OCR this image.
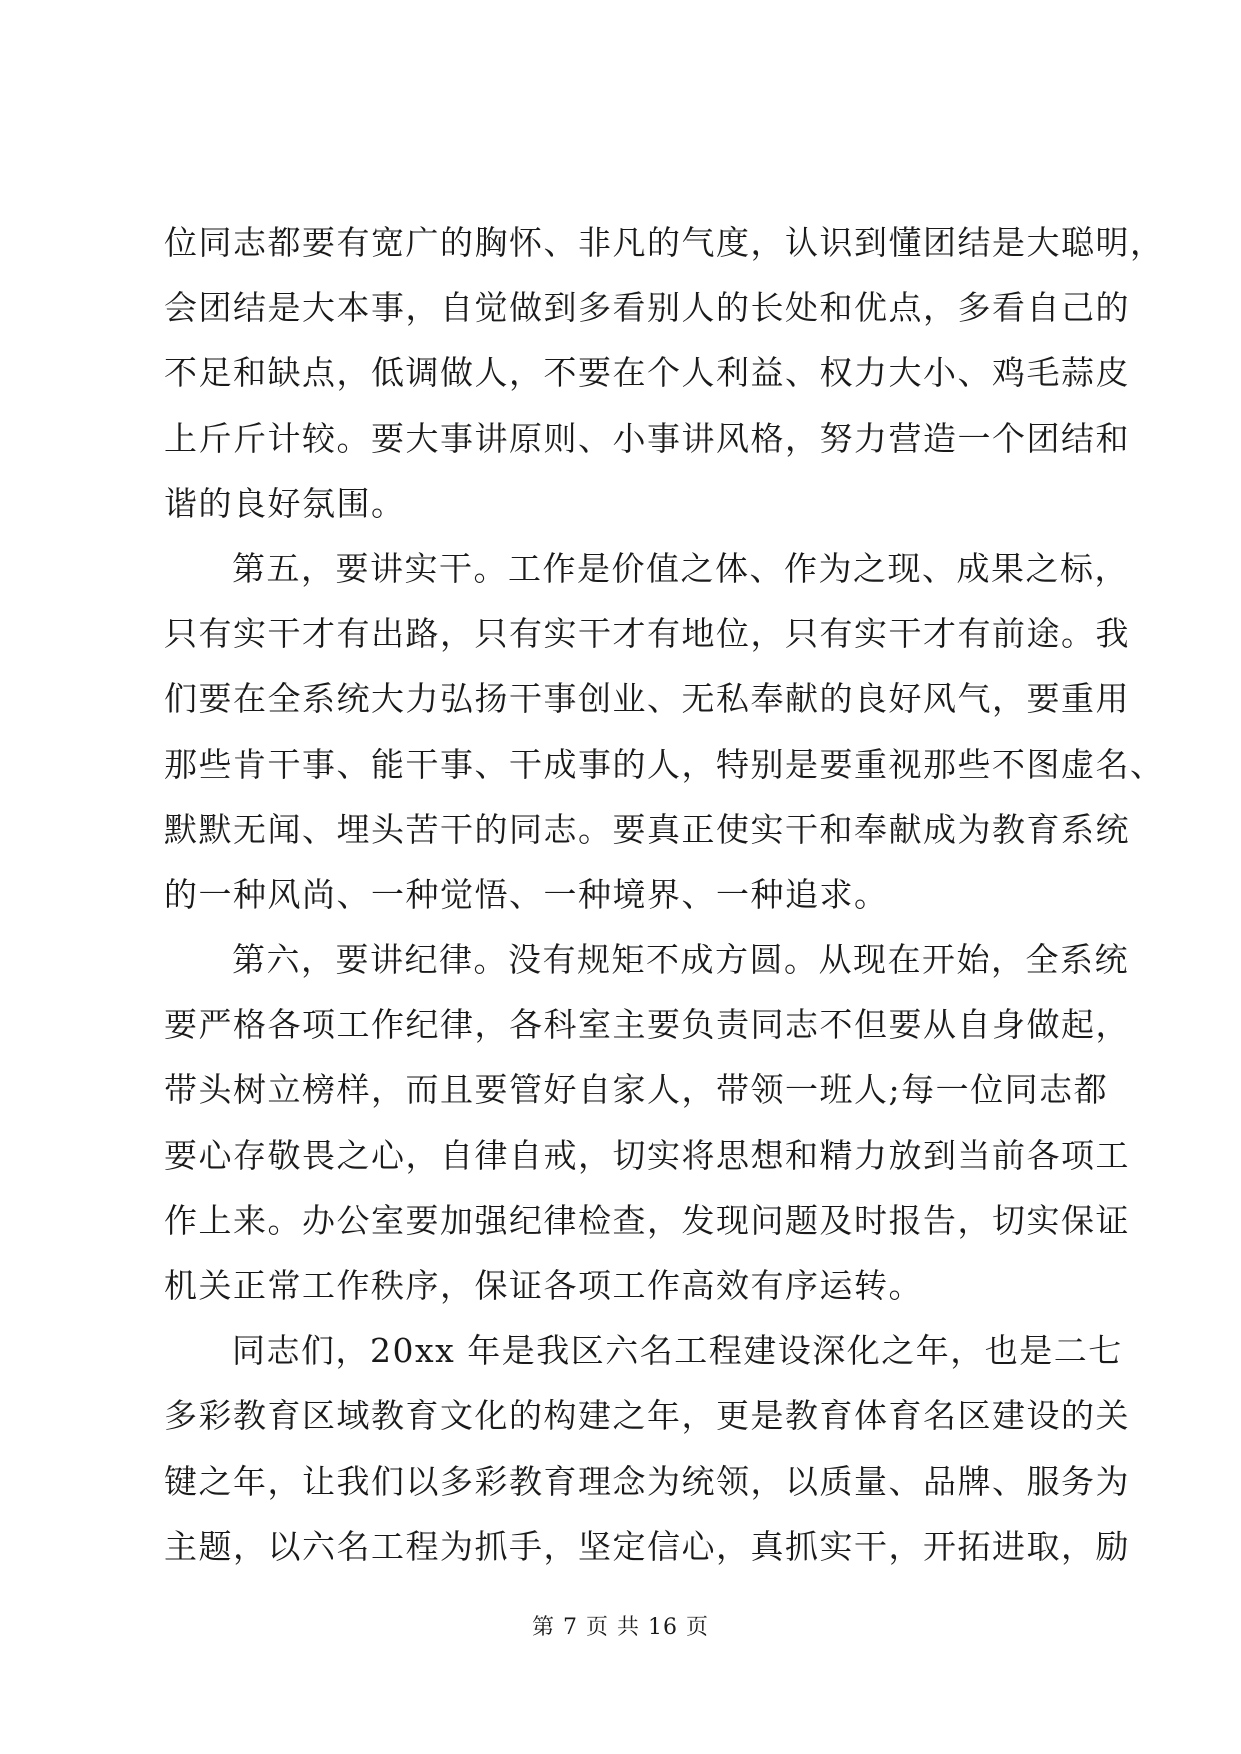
位同志都要有宽广的胸怀、非凡的气度，认识到懂团结是大聪明，
会团结是大本事，自觉做到多看别人的长处和优点，多看自己的
不足和缺点，低调做人，不要在个人利益、权力大小、鸡毛蒜皮
上斤斤计较。要大事讲原则、小事讲风格，努力营造一个团结和
谐的良好氛围。
第五，要讲实干。工作是价值之体、作为之现、成果之标，
只有实干才有出路，只有实干才有地位，只有实干才有前途。我
们要在全系统大力弘扬干事创业、无私奉献的良好风气，要重用
那些肯干事、能干事、干成事的人，特别是要重视那些不图虚名、
默默无闻、埋头苦干的同志。要真正使实干和奉献成为教育系统
的一种风尚、一种觉悟、一种境界、一种追求。
第六，要讲纪律。没有规矩不成方圆。从现在开始，全系统
要严格各项工作纪律，各科室主要负责同志不但要从自身做起，
带头树立榜样，而且要管好自家人，带领一班人;每一位同志都
要心存敬畏之心，自律自戒，切实将思想和精力放到当前各项工
作上来。办公室要加强纪律检查，发现问题及时报告，切实保证
机关正常工作秩序，保证各项工作高效有序运转。
同志们，20xx 年是我区六名工程建设深化之年，也是二七
多彩教育区域教育文化的构建之年，更是教育体育名区建设的关
键之年，让我们以多彩教育理念为统领，以质量、品牌、服务为
主题，以六名工程为抓手，坚定信心，真抓实干，开拓进取，励
第 7 页 共 16 页
